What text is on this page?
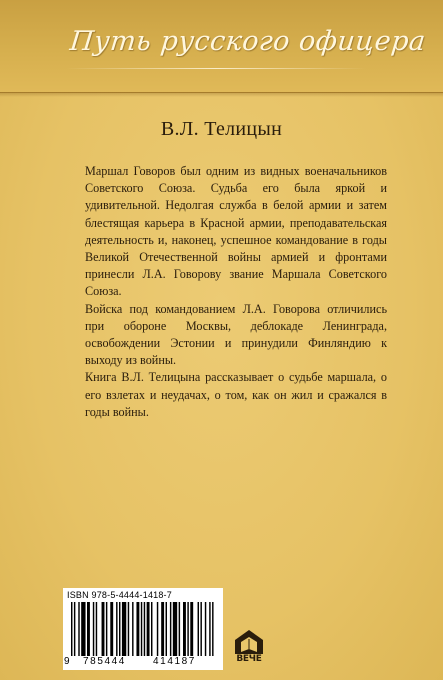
Путь русского офицера
В.Л. Телицын

Маршал Говоров был одним из видных военачальников Советского Союза. Судьба его была яркой и удивительной. Недолгая служба в белой армии и затем блестящая карьера в Красной армии, преподавательская деятельность и, наконец, успешное командование в годы Великой Отечественной войны армией и фронтами принесли Л.А. Говорову звание Маршала Советского Союза.

Войска под командованием Л.А. Говорова отличились при обороне Москвы, деблокаде Ленинграда, освобождении Эстонии и принудили Финляндию к выходу из войны.

Книга В.Л. Телицына рассказывает о судьбе маршала, о его взлетах и неудачах, о том, как он жил и сражался в годы войны.

ISBN 978-5-4444-1418-7
9 785444	414187	ВЕЧЕ
